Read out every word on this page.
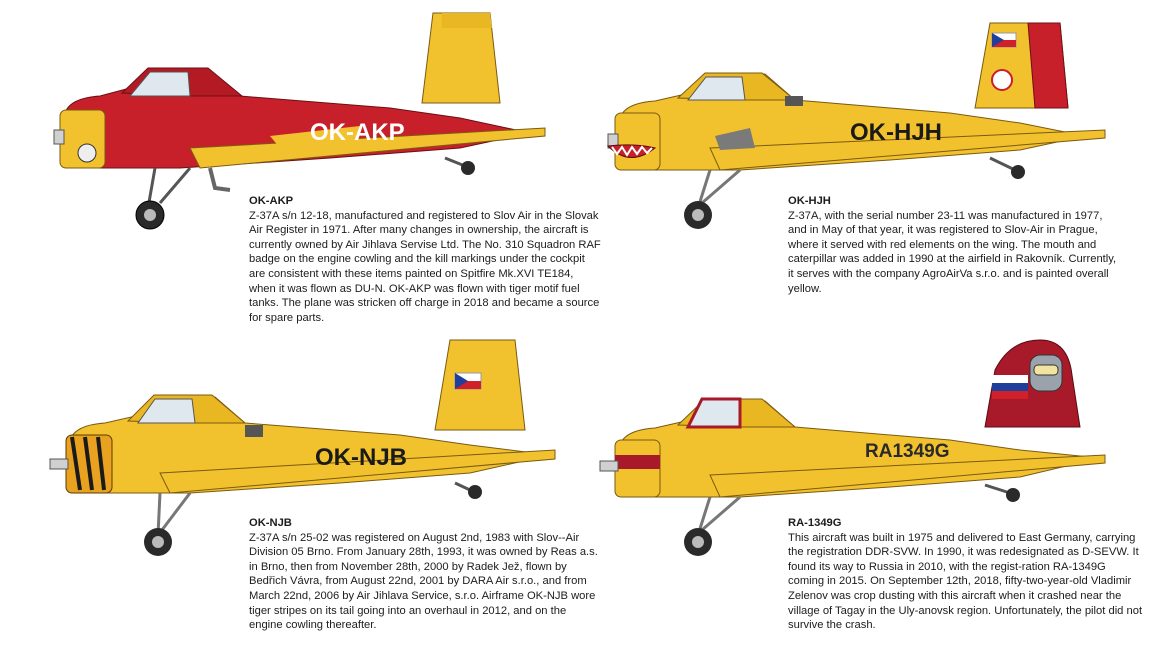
OK-AKP
OK-AKP
Z-37A s/n 12-18, manufactured and registered to Slov Air in the Slovak Air Register in 1971. After many changes in ownership, the aircraft is currently owned by Air Jihlava Servise Ltd. The No. 310 Squadron RAF badge on the engine cowling and the kill markings under the cockpit are consistent with these items painted on Spitfire Mk.XVI TE184, when it was flown as DU-N. OK-AKP was flown with tiger motif fuel tanks. The plane was stricken off charge in 2018 and became a source for spare parts.
OK-HJH
OK-HJH
Z-37A, with the serial number 23-11 was manufactured in 1977, and in May of that year, it was registered to Slov-Air in Prague, where it served with red elements on the wing. The mouth and caterpillar was added in 1990 at the airfield in Rakovník. Currently, it serves with the company AgroAirVa s.r.o. and is painted overall yellow.
OK-NJB
OK-NJB
Z-37A s/n 25-02 was registered on August 2nd, 1983 with Slov--Air Division 05 Brno. From January 28th, 1993, it was owned by Reas a.s. in Brno, then from November 28th, 2000 by Radek Jež, flown by Bedřich Vávra, from August 22nd, 2001 by DARA Air s.r.o., and from March 22nd, 2006 by Air Jihlava Service, s.r.o. Airframe OK-NJB wore tiger stripes on its tail going into an overhaul in 2012, and on the engine cowling thereafter.
RA1349G
RA-1349G
This aircraft was built in 1975 and delivered to East Germany, carrying the registration DDR-SVW. In 1990, it was redesignated as D-SEVW. It found its way to Russia in 2010, with the regist-ration RA-1349G coming in 2015. On September 12th, 2018, fifty-two-year-old Vladimir Zelenov was crop dusting with this aircraft when it crashed near the village of Tagay in the Uly-anovsk region. Unfortunately, the pilot did not survive the crash.
